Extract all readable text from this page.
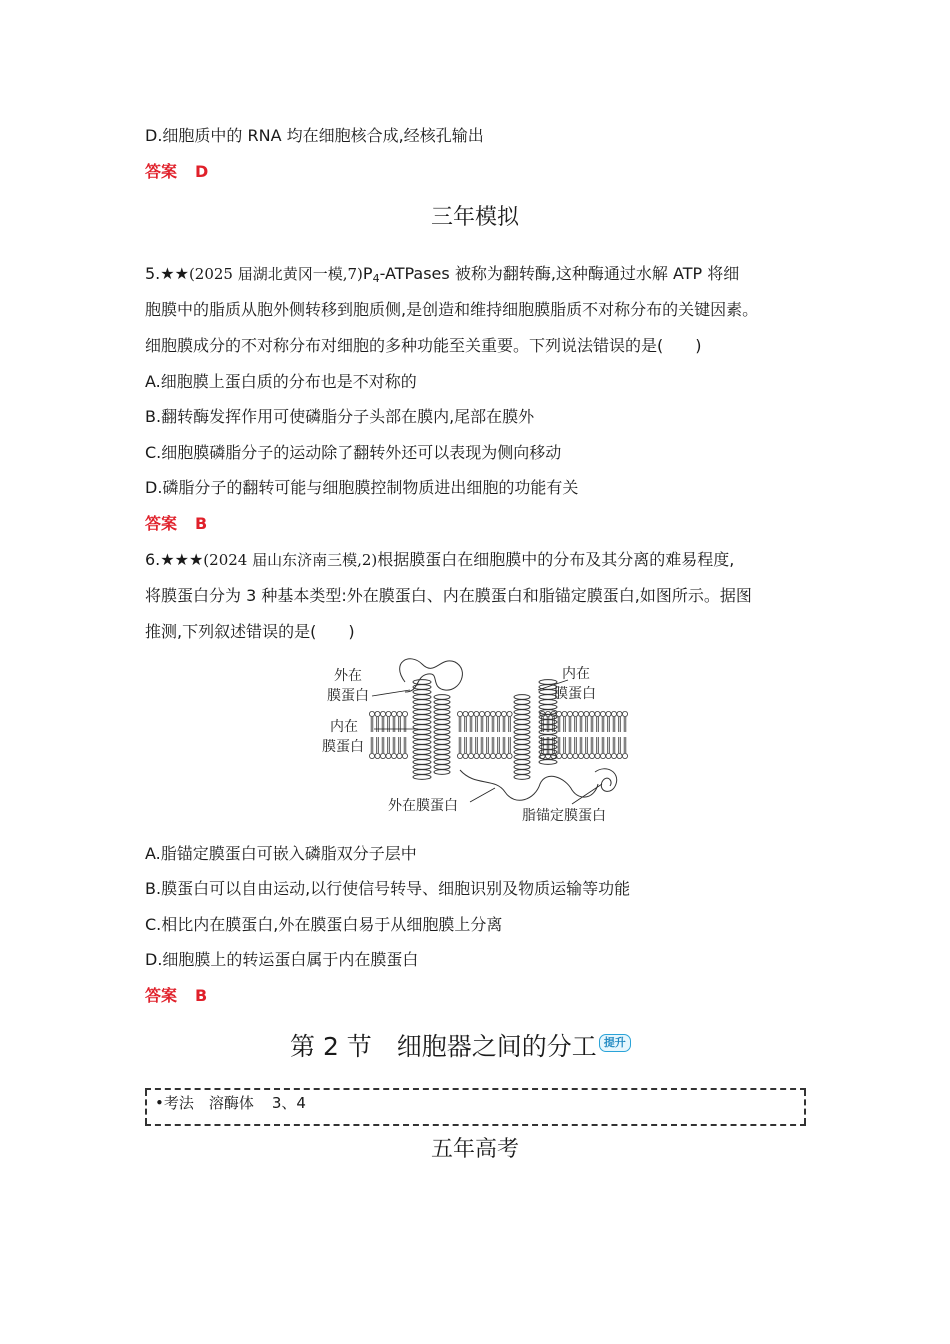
D.细胞质中的 RNA 均在细胞核合成,经核孔输出
答案 D
三年模拟
5.★★(2025 届湖北黄冈一模$,7)P_4$-ATPases 被称为翻转酶,这种酶通过水解 ATP 将细
胞膜中的脂质从胞外侧转移到胞质侧,是创造和维持细胞膜脂质不对称分布的关键因素。
细胞膜成分的不对称分布对细胞的多种功能至关重要。下列说法错误的是(　　)
A.细胞膜上蛋白质的分布也是不对称的
B.翻转酶发挥作用可使磷脂分子头部在膜内,尾部在膜外
C.细胞膜磷脂分子的运动除了翻转外还可以表现为侧向移动
D.磷脂分子的翻转可能与细胞膜控制物质进出细胞的功能有关
答案 B
6.★★★(2024 届山东济南三模,2)根据膜蛋白在细胞膜中的分布及其分离的难易程度,
将膜蛋白分为 3 种基本类型:外在膜蛋白、内在膜蛋白和脂锚定膜蛋白,如图所示。据图
推测,下列叙述错误的是(　　)
外在
膜蛋白
内在
膜蛋白
内在
膜蛋白
外在膜蛋白
脂锚定膜蛋白
A.脂锚定膜蛋白可嵌入磷脂双分子层中
B.膜蛋白可以自由运动,以行使信号转导、细胞识别及物质运输等功能
C.相比内在膜蛋白,外在膜蛋白易于从细胞膜上分离
D.细胞膜上的转运蛋白属于内在膜蛋白
答案 B
第 2 节　细胞器之间的分工 提升
•考法　溶酶体 3、4
五年高考
